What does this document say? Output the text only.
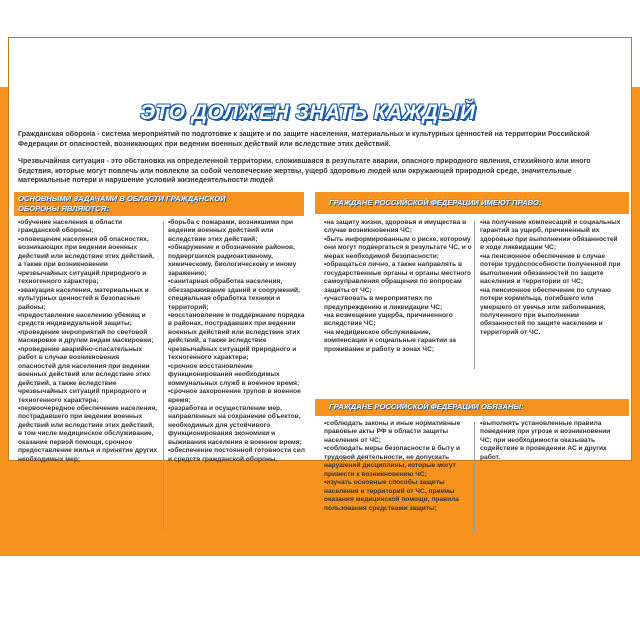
ЭТО ДОЛЖЕН ЗНАТЬ КАЖДЫЙ
Гражданская оборона - система мероприятий по подготовке к защите и по защите населения, материальных и культурных ценностей на территории Российской Федерации от опасностей, возникающих при ведении военных действий или вследствие этих действий.
Чрезвычайная ситуация - это обстановка на определенной территории, сложившаяся в результате аварии, опасного природного явления, стихийного или иного бедствия, которые могут повлечь или повлекли за собой человеческие жертвы, ущерб здоровью людей или окружающей природной среде, значительные материальные потери и нарушение условий жизнедеятельности людей
ОСНОВНЫМИ ЗАДАЧАМИ В ОБЛАСТИ ГРАЖДАНСКОЙ
ОБОРОНЫ ЯВЛЯЮТСЯ:
•обучение населения в области гражданской обороны;
•оповещение населения об опасностях, возникающих при ведении военных действий или вследствие этих действий, а также при возникновении чрезвычайных ситуаций природного и техногенного характера;
•эвакуация населения, материальных и культурных ценностей в безопасные районы;
•предоставление населению убежищ и средств индивидуальной защиты;
•проведение мероприятий по световой маскировке и другим видам маскировки;
•проведение аварийно-спасательных работ в случае возникновения опасностей для населения при ведении военных действий или вследствие этих действий, а также вследствие чрезвычайных ситуаций природного и техногенного характера;
•первоочередное обеспечение населения, пострадавшего при ведении военных действий или вследствие этих действий, в том числе медицинское обслуживание, оказание первой помощи, срочное предоставление жилья и принятие других необходимых мер;
•борьба с пожарами, возникшими при ведении военных действий или вследствие этих действий;
•обнаружение и обозначение районов, подвергшихся радиоактивному, химическому, биологическому и иному заражению;
•санитарная обработка населения, обеззараживание зданий и сооружений, специальная обработка техники и территорий;
•восстановление и поддержание порядка в районах, пострадавших при ведении военных действий или вследствие этих действий, а также вследствие чрезвычайных ситуаций природного и техногенного характера;
•срочное восстановление функционирования необходимых коммунальных служб в военное время;
•срочное захоронение трупов в военное время;
•разработка и осуществление мер, направленных на сохранение объектов, необходимых для устойчивого функционирования экономики и выживания населения в военное время;
•обеспечение постоянной готовности сил и средств гражданской обороны.
ГРАЖДАНЕ РОССИЙСКОЙ ФЕДЕРАЦИИ ИМЕЮТ ПРАВО:
•на защиту жизни, здоровья и имущества в случае возникновения ЧС;
•быть информированным о риске, которому они могут подвергаться в результате ЧС, и о мерах необходимой безопасности;
•обращаться лично, а также направлять в государственные органы и органы местного самоуправления обращения по вопросам защиты от ЧС;
•участвовать в мероприятиях по предупреждению и ликвидации ЧС;
•на возмещение ущерба, причиненного вследствие ЧС;
•на медицинское обслуживание, компенсации и социальные гарантии за проживание и работу в зонах ЧС;
•на получение компенсаций и социальных гарантий за ущерб, причиненный их здоровью при выполнении обязанностей в ходе ликвидации ЧС;
•на пенсионное обеспечение в случае потери трудоспособности полученной при выполнении обязанностей по защите населения и территории от ЧС;
•на пенсионное обеспечение по случаю потери кормильца, погибшего или умершего от увечья или заболевания, полученного при выполнении обязанностей по защите населения и территорий от ЧС.
ГРАЖДАНЕ РОССИЙСКОЙ ФЕДЕРАЦИИ ОБЯЗАНЫ:
•соблюдать законы и иные нормативные правовые акты РФ в области защиты населения от ЧС;
•соблюдать меры безопасности в быту и трудовой деятельности, не допускать нарушений дисциплины, которые могут привести к возникновению ЧС;
•изучать основные способы защиты населения и территорий от ЧС, приемы оказания медицинской помощи, правила пользования средствами защиты;
•выполнять установленные правила поведения при угрозе и возникновении ЧС; при необходимости оказывать содействие в проведении АС и других работ.
